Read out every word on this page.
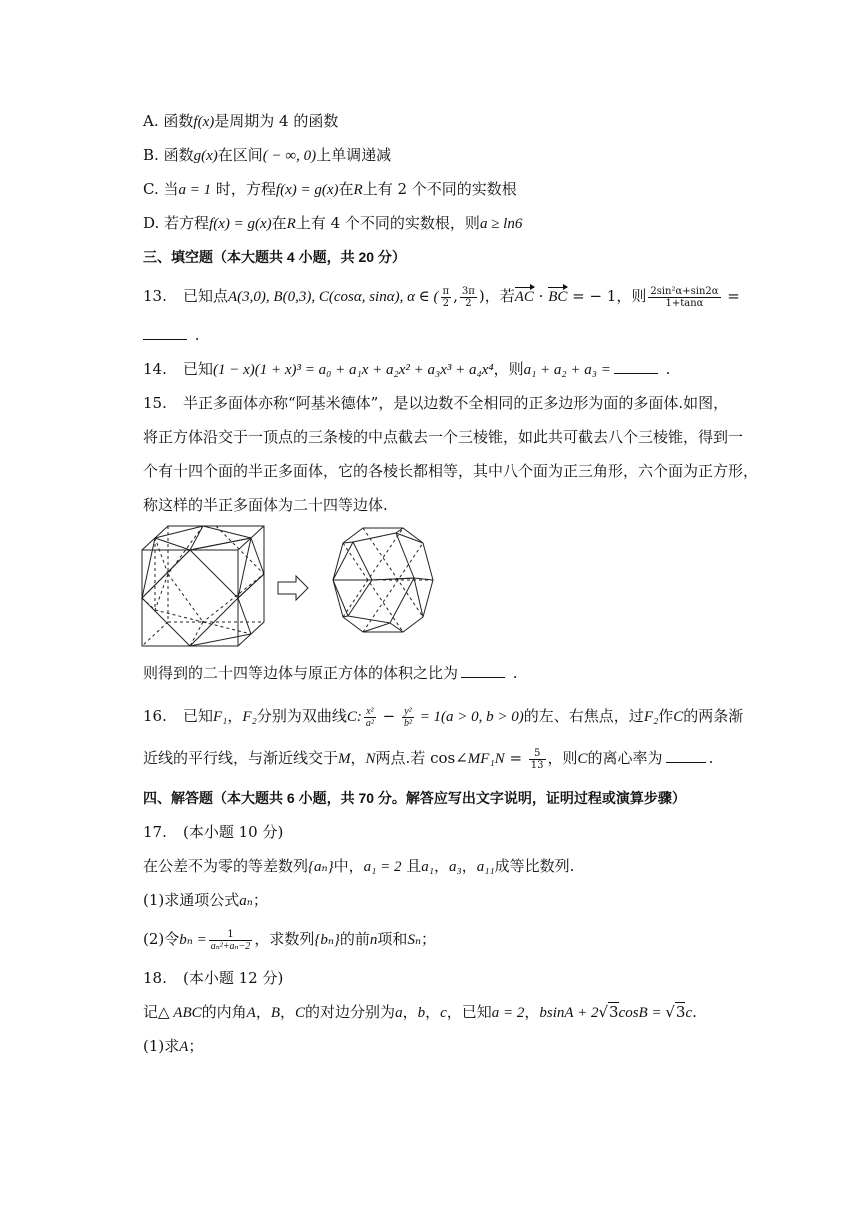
A. 函数f(x)是周期为 4 的函数
B. 函数g(x)在区间( − ∞, 0)上单调递减
C. 当a = 1 时，方程f(x) = g(x)在R上有 2 个不同的实数根
D. 若方程f(x) = g(x)在R上有 4 个不同的实数根，则a ≥ ln6
三、填空题（本大题共 4 小题，共 20 分）
13. 已知点A(3,0), B(0,3), C(cosα, sinα), α ∈ ( $\frac{\pi}{2}$ , $\frac{3\pi}{2}$ )，若AC · BC = − 1，则 $\frac{\text{2sin²α+sin2α}}{1+\tan\alpha}$ =
.
14. 已知(1 − x)(1 + x)³ = a₀ + a₁x + a₂x² + a₃x³ + a₄x⁴，则a₁ + a₂ + a₃ =	.
15. 半正多面体亦称“阿基米德体”，是以边数不全相同的正多边形为面的多面体.如图，
将正方体沿交于一顶点的三条棱的中点截去一个三棱锥，如此共可截去八个三棱锥，得到一
个有十四个面的半正多面体，它的各棱长都相等，其中八个面为正三角形，六个面为正方形，
称这样的半正多面体为二十四等边体.
则得到的二十四等边体与原正方体的体积之比为	.
16. 已知F₁，F₂分别为双曲线C: $\frac{\text{x²}}{\text{a²}} - \frac{\text{y²}}{\text{b²}} = 1(a > 0$, b > 0)的左、右焦点，过F₂作C的两条渐
近线的平行线，与渐近线交于M，N两点.若 cos∠MF₁N = $\frac{5}{13}$ ，则C的离心率为	.
四、解答题（本大题共 6 小题，共 70 分。解答应写出文字说明，证明过程或演算步骤）
17. (本小题 10 分)
在公差不为零的等差数列{aₙ}中，a₁ = 2 且a₁，a₃，a₁₁成等比数列.
(1)求通项公式aₙ；
(2)令$b_n = \frac{1}{\text{aₙ²+aₙ−2}}$ ，求数列{bₙ}的前n项和Sₙ；
18. (本小题 12 分)
记△ ABC的内角A，B，C的对边分别为a，b，c，已知a = 2，bsinA + 2√3cosB = √3c.
(1)求A；
